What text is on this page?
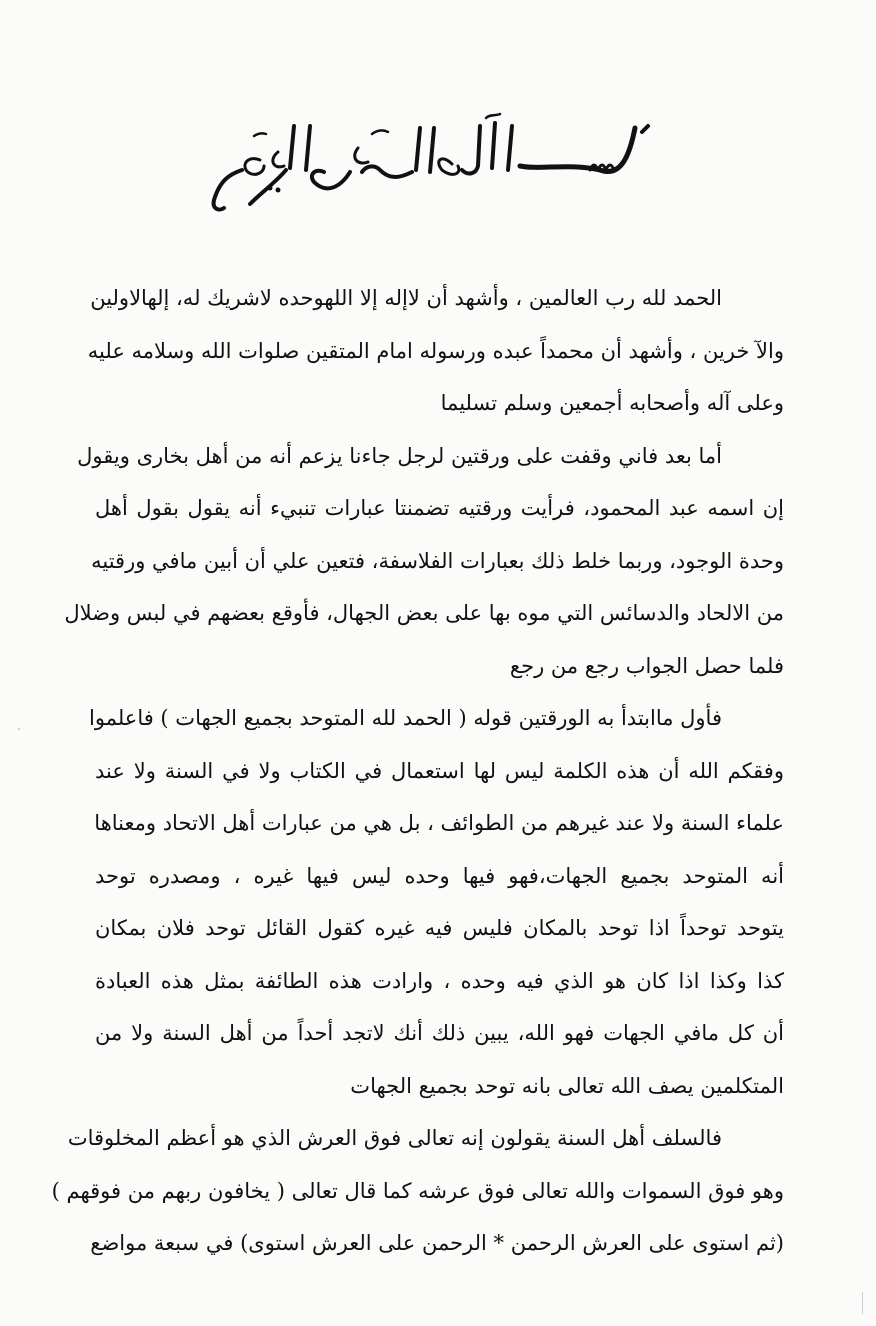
الحمد لله رب العالمين ، وأشهد أن لاإله إلا اللهوحده لاشريك له، إلهالاولين
والآ خرين ، وأشهد أن محمداً عبده ورسوله امام المتقين صلوات الله وسلامه عليه
وعلى آله وأصحابه أجمعين وسلم تسليما
أما بعد فاني وقفت على ورقتين لرجل جاءنا يزعم أنه من أهل بخارى ويقول
إن اسمه عبد المحمود، فرأيت ورقتيه تضمنتا عبارات تنبيء أنه يقول بقول أهل
وحدة الوجود، وربما خلط ذلك بعبارات الفلاسفة، فتعين علي أن أبين مافي ورقتيه
من الالحاد والدسائس التي موه بها على بعض الجهال، فأوقع بعضهم في لبس وضلال
فلما حصل الجواب رجع من رجع
فأول ماابتدأ به الورقتين قوله ( الحمد لله المتوحد بجميع الجهات ) فاعلموا
وفقكم الله أن هذه الكلمة ليس لها استعمال في الكتاب ولا في السنة ولا عند
علماء السنة ولا عند غيرهم من الطوائف ، بل هي من عبارات أهل الاتحاد ومعناها
أنه المتوحد بجميع الجهات،فهو فيها وحده ليس فيها غيره ، ومصدره توحد
يتوحد توحداً اذا توحد بالمكان فليس فيه غيره كقول القائل توحد فلان بمكان
كذا وكذا اذا كان هو الذي فيه وحده ، وارادت هذه الطائفة بمثل هذه العبادة
أن كل مافي الجهات فهو الله، يبين ذلك أنك لاتجد أحداً من أهل السنة ولا من
المتكلمين يصف الله تعالى بانه توحد بجميع الجهات
فالسلف أهل السنة يقولون إنه تعالى فوق العرش الذي هو أعظم المخلوقات
وهو فوق السموات والله تعالى فوق عرشه كما قال تعالى ( يخافون ربهم من فوقهم )
(ثم استوى على العرش الرحمن * الرحمن على العرش استوى) في سبعة مواضع
